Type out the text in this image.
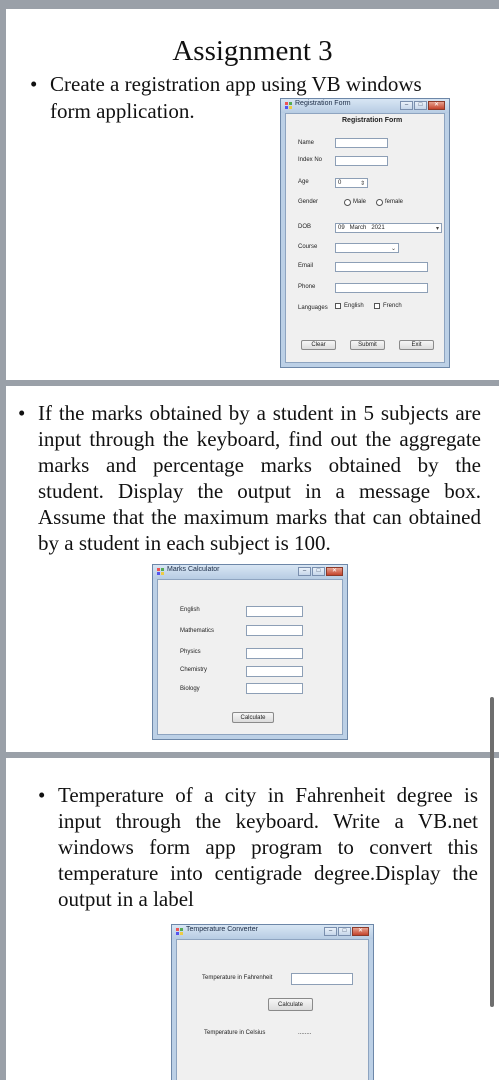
Assignment 3
• Create a registration app using VB windows form application.	Registration Form	–	□	✕
Registration Form
Name
Index No
Age	0	⇕
Gender	Male	female
DOB	09   March   2021	▾
Course	⌄
Email
Phone
Languages	English	French
Clear	Submit	Exit
• If the marks obtained by a student in 5 subjects are input through the keyboard, find out the aggregate marks and percentage marks obtained by the student. Display the output in a message box. Assume that the maximum marks that can obtained by a student in each subject is 100.
Marks Calculator	–	□	✕
English
Mathematics
Physics
Chemistry
Biology
Calculate
• Temperature of a city in Fahrenheit degree is input through the keyboard. Write a VB.net windows form app program to convert this temperature into centigrade degree.Display the output in a label
Temperature Converter	–	□	✕
Temperature in Fahrenheit
Calculate
Temperature in Celsius	........
